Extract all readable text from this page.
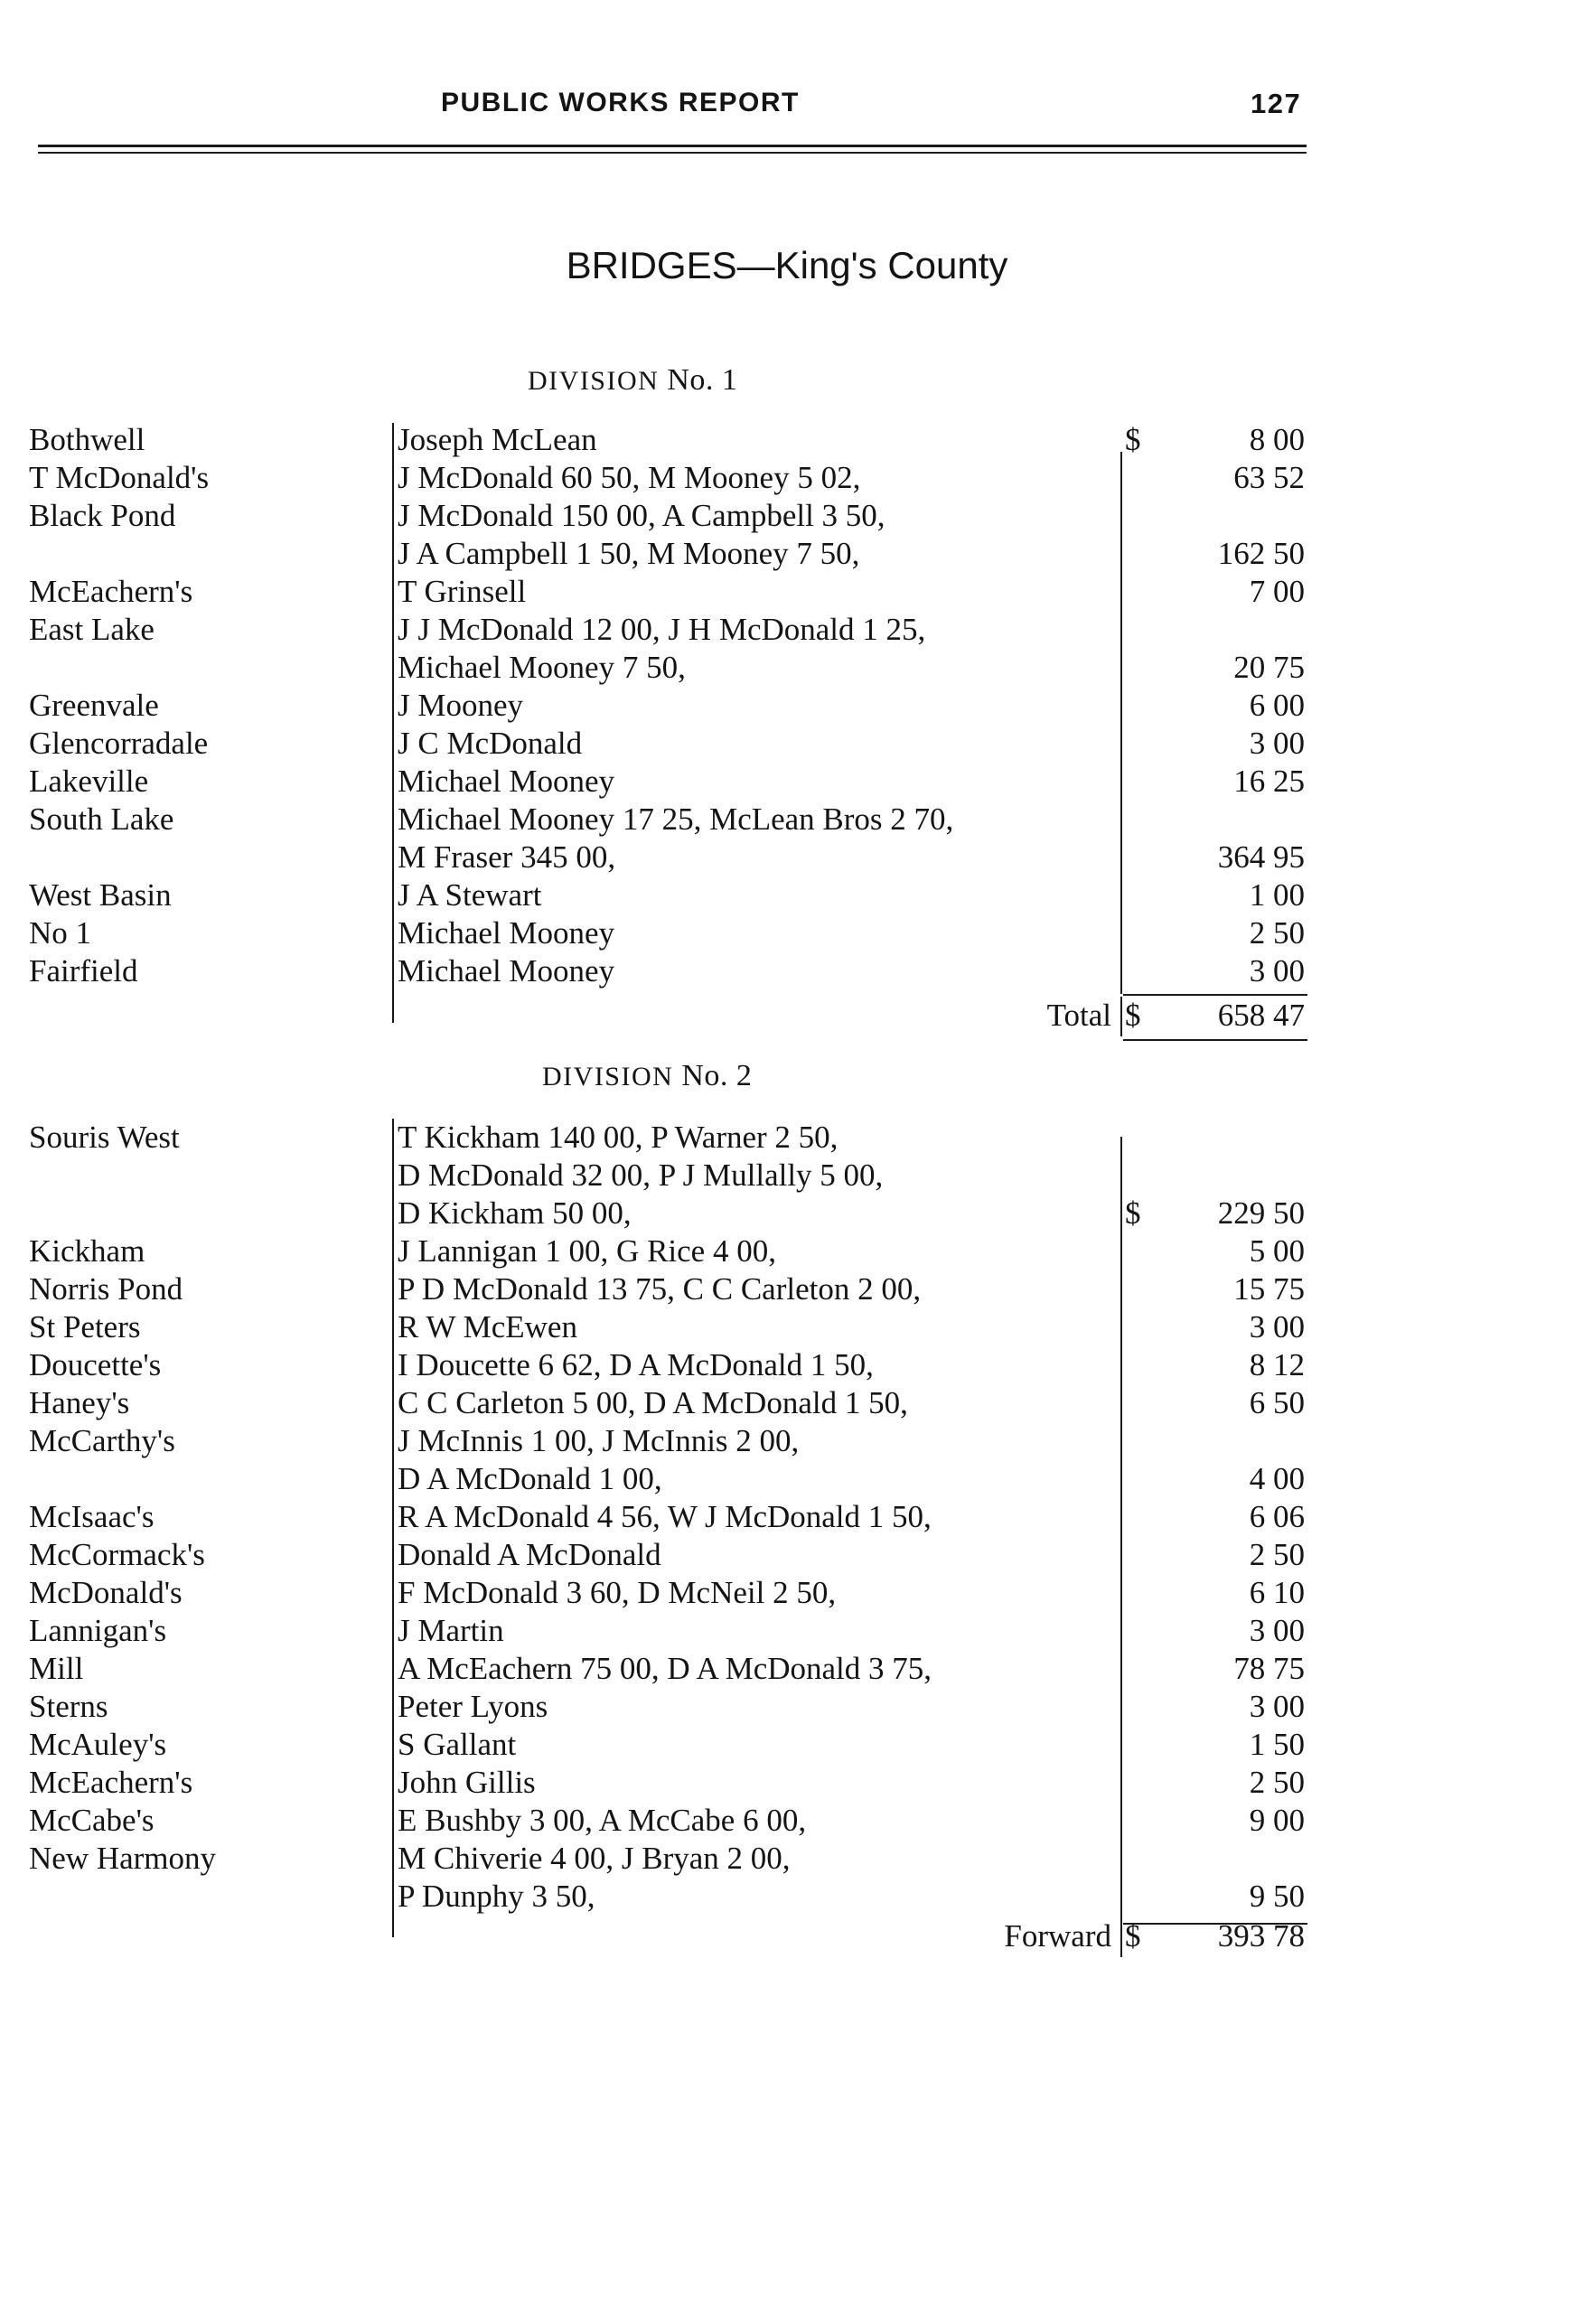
PUBLIC WORKS REPORT	127
BRIDGES—King's County
DIVISION No. 1
Bothwell	Joseph McLean	$	8 00
T McDonald's	J McDonald 60 50, M Mooney 5 02,	63 52
Black Pond	J McDonald 150 00, A Campbell 3 50,
J A Campbell 1 50, M Mooney 7 50,	162 50
McEachern's	T Grinsell	7 00
East Lake	J J McDonald 12 00, J H McDonald 1 25,
Michael Mooney 7 50,	20 75
Greenvale	J Mooney	6 00
Glencorradale	J C McDonald	3 00
Lakeville	Michael Mooney	16 25
South Lake	Michael Mooney 17 25, McLean Bros 2 70,
M Fraser 345 00,	364 95
West Basin	J A Stewart	1 00
No 1	Michael Mooney	2 50
Fairfield	Michael Mooney	3 00
Total $ 658 47
DIVISION No. 2
Souris West	T Kickham 140 00, P Warner 2 50,
D McDonald 32 00, P J Mullally 5 00,
D Kickham 50 00,	$ 229 50
Kickham	J Lannigan 1 00, G Rice 4 00,	5 00
Norris Pond	P D McDonald 13 75, C C Carleton 2 00,	15 75
St Peters	R W McEwen	3 00
Doucette's	I Doucette 6 62, D A McDonald 1 50,	8 12
Haney's	C C Carleton 5 00, D A McDonald 1 50,	6 50
McCarthy's	J McInnis 1 00, J McInnis 2 00,
D A McDonald 1 00,	4 00
McIsaac's	R A McDonald 4 56, W J McDonald 1 50,	6 06
McCormack's	Donald A McDonald	2 50
McDonald's	F McDonald 3 60, D McNeil 2 50,	6 10
Lannigan's	J Martin	3 00
Mill	A McEachern 75 00, D A McDonald 3 75,	78 75
Sterns	Peter Lyons	3 00
McAuley's	S Gallant	1 50
McEachern's	John Gillis	2 50
McCabe's	E Bushby 3 00, A McCabe 6 00,	9 00
New Harmony	M Chiverie 4 00, J Bryan 2 00,
P Dunphy 3 50,	9 50
Forward $ 393 78
